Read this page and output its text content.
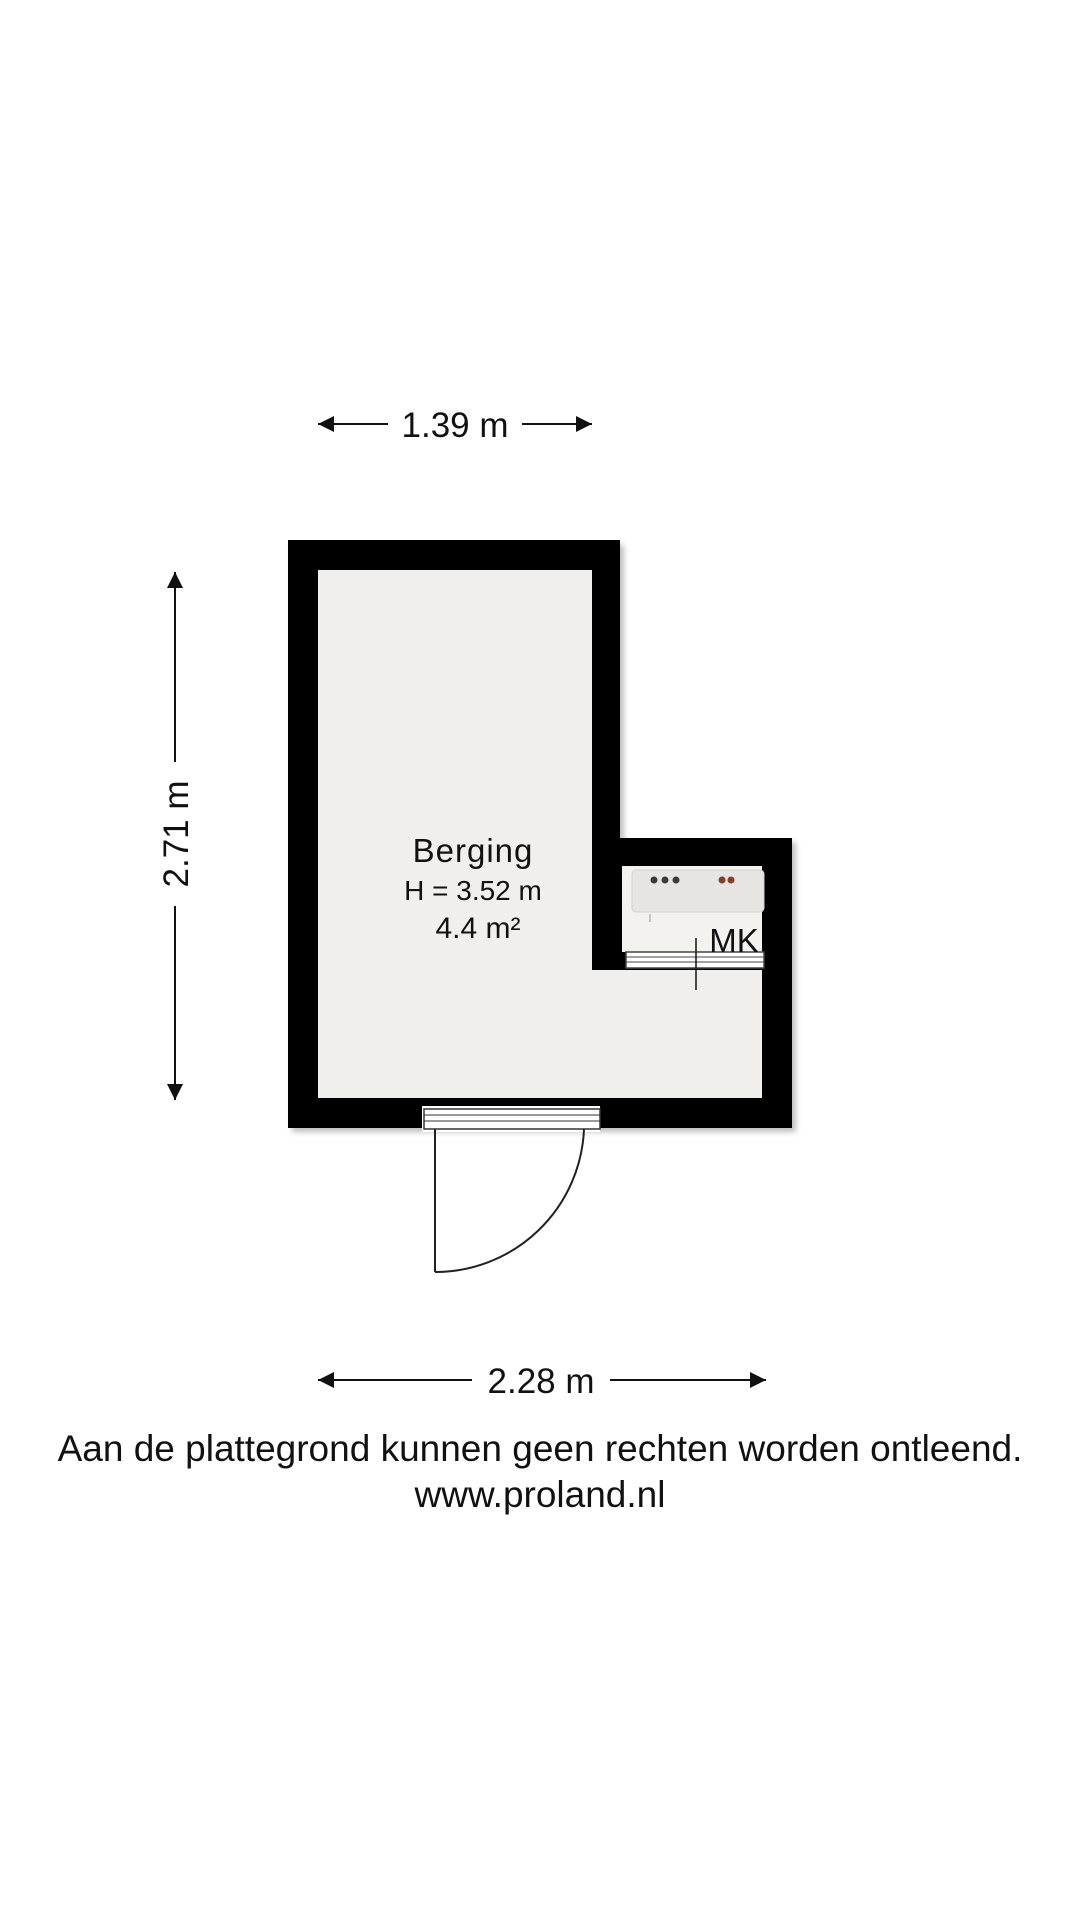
1.39 m
2.71 m
2.28 m
MK
Berging
H = 3.52 m
4.4 m²

Aan de plattegrond kunnen geen rechten worden ontleend.
www.proland.nl
